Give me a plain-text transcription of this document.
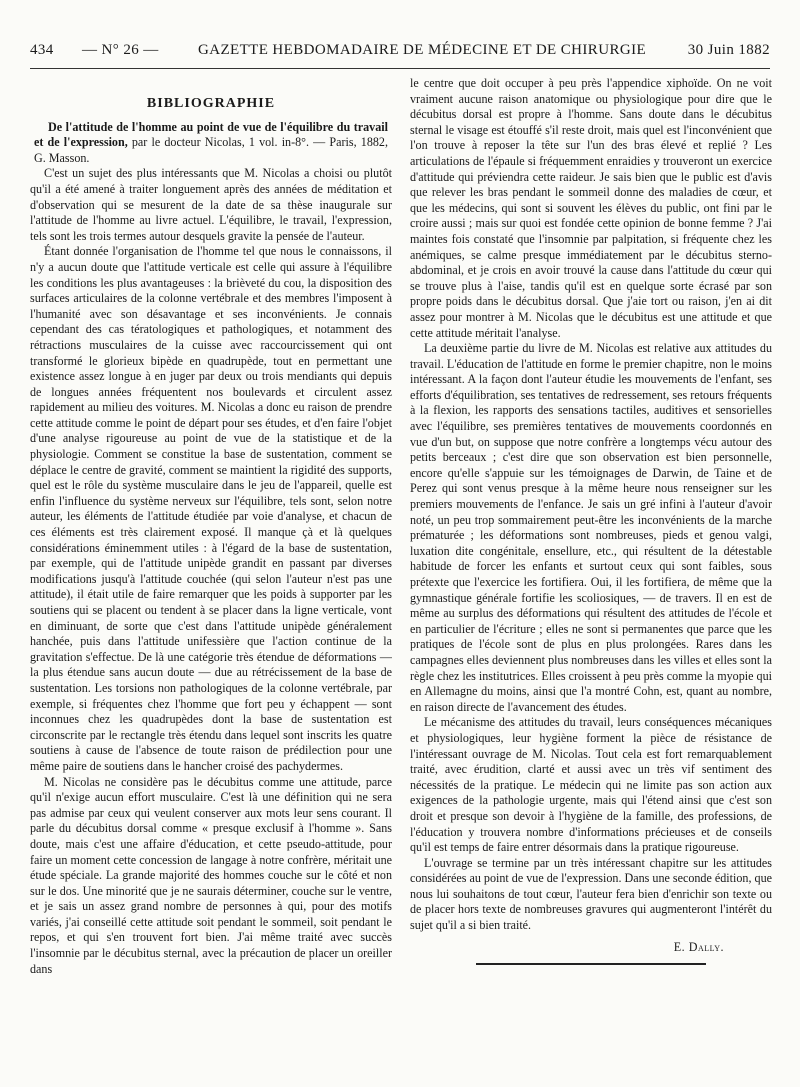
434 — N° 26 —	GAZETTE HEBDOMADAIRE DE MÉDECINE ET DE CHIRURGIE	30 Juin 1882
BIBLIOGRAPHIE

De l'attitude de l'homme au point de vue de l'équilibre du travail et de l'expression, par le docteur Nicolas, 1 vol. in-8°. — Paris, 1882, G. Masson.

C'est un sujet des plus intéressants que M. Nicolas a choisi ou plutôt qu'il a été amené à traiter longuement après des années de méditation et d'observation qui se mesurent de la date de sa thèse inaugurale sur l'attitude de l'homme au livre actuel. L'équilibre, le travail, l'expression, tels sont les trois termes autour desquels gravite la pensée de l'auteur.

Étant donnée l'organisation de l'homme tel que nous le connaissons, il n'y a aucun doute que l'attitude verticale est celle qui assure à l'équilibre les conditions les plus avantageuses : la brièveté du cou, la disposition des surfaces articulaires de la colonne vertébrale et des membres l'imposent à l'humanité avec son désavantage et ses inconvénients. Je connais cependant des cas tératologiques et pathologiques, et notamment des rétractions musculaires de la cuisse avec raccourcissement qui ont transformé le glorieux bipède en quadrupède, tout en permettant une existence assez longue à en juger par deux ou trois mendiants qui depuis de longues années fréquentent nos boulevards et circulent assez rapidement au milieu des voitures. M. Nicolas a donc eu raison de prendre cette attitude comme le point de départ pour ses études, et d'en faire l'objet d'une analyse rigoureuse au point de vue de la statistique et de la physiologie. Comment se constitue la base de sustentation, comment se déplace le centre de gravité, comment se maintient la rigidité des supports, quel est le rôle du système musculaire dans le jeu de l'appareil, quelle est enfin l'influence du système nerveux sur l'équilibre, tels sont, selon notre auteur, les éléments de l'attitude étudiée par voie d'analyse, et chacun de ces éléments est très clairement exposé. Il manque çà et là quelques considérations éminemment utiles : à l'égard de la base de sustentation, par exemple, qui de l'attitude unipède grandit en passant par diverses modifications jusqu'à l'attitude couchée (qui selon l'auteur n'est pas une attitude), il était utile de faire remarquer que les poids à supporter par les soutiens qui se placent ou tendent à se placer dans la ligne verticale, vont en diminuant, de sorte que c'est dans l'attitude unipède généralement hanchée, puis dans l'attitude unifessière que l'action continue de la gravitation s'effectue. De là une catégorie très étendue de déformations — la plus étendue sans aucun doute — due au rétrécissement de la base de sustentation. Les torsions non pathologiques de la colonne vertébrale, par exemple, si fréquentes chez l'homme que fort peu y échappent — sont inconnues chez les quadrupèdes dont la base de sustentation est circonscrite par le rectangle très étendu dans lequel sont inscrits les quatre soutiens à cause de l'absence de toute raison de prédilection pour une même paire de soutiens dans le hancher croisé des pachydermes.

M. Nicolas ne considère pas le décubitus comme une attitude, parce qu'il n'exige aucun effort musculaire. C'est là une définition qui ne sera pas admise par ceux qui veulent conserver aux mots leur sens courant. Il parle du décubitus dorsal comme « presque exclusif à l'homme ». Sans doute, mais c'est une affaire d'éducation, et cette pseudo-attitude, pour faire un moment cette concession de langage à notre confrère, méritait une étude spéciale. La grande majorité des hommes couche sur le côté et non sur le dos. Une minorité que je ne saurais déterminer, couche sur le ventre, et je sais un assez grand nombre de personnes à qui, pour des motifs variés, j'ai conseillé cette attitude soit pendant le sommeil, soit pendant le repos, et qui s'en trouvent fort bien. J'ai même traité avec succès l'insomnie par le décubitus sternal, avec la précaution de placer un oreiller dans

le centre que doit occuper à peu près l'appendice xiphoïde. On ne voit vraiment aucune raison anatomique ou physiologique pour dire que le décubitus dorsal est propre à l'homme. Sans doute dans le décubitus sternal le visage est étouffé s'il reste droit, mais quel est l'inconvénient que l'on trouve à reposer la tête sur l'un des bras élevé et replié ? Les articulations de l'épaule si fréquemment enraidies y trouveront un exercice d'attitude qui préviendra cette raideur. Je sais bien que le public est d'avis que relever les bras pendant le sommeil donne des maladies de cœur, et que les médecins, qui sont si souvent les élèves du public, ont fini par le croire aussi ; mais sur quoi est fondée cette opinion de bonne femme ? J'ai maintes fois constaté que l'insomnie par palpitation, si fréquente chez les anémiques, se calme presque immédiatement par le décubitus sterno-abdominal, et je crois en avoir trouvé la cause dans l'attitude du cœur qui se trouve plus à l'aise, tandis qu'il est en quelque sorte écrasé par son propre poids dans le décubitus dorsal. Que j'aie tort ou raison, j'en ai dit assez pour montrer à M. Nicolas que le décubitus est une attitude et que cette attitude méritait l'analyse.

La deuxième partie du livre de M. Nicolas est relative aux attitudes du travail. L'éducation de l'attitude en forme le premier chapitre, non le moins intéressant. A la façon dont l'auteur étudie les mouvements de l'enfant, ses efforts d'équilibration, ses tentatives de redressement, ses retours fréquents à la flexion, les rapports des sensations tactiles, auditives et sensorielles avec l'équilibre, ses premières tentatives de mouvements coordonnés en vue d'un but, on suppose que notre confrère a longtemps vécu autour des petits berceaux ; c'est dire que son observation est bien personnelle, encore qu'elle s'appuie sur les témoignages de Darwin, de Taine et de Perez qui sont venus presque à la même heure nous renseigner sur les premiers mouvements de l'enfance. Je sais un gré infini à l'auteur d'avoir noté, un peu trop sommairement peut-être les inconvénients de la marche prématurée ; les déformations sont nombreuses, pieds et genou valgi, luxation dite congénitale, ensellure, etc., qui résultent de la détestable habitude de forcer les enfants et surtout ceux qui sont faibles, sous prétexte que l'exercice les fortifiera. Oui, il les fortifiera, de même que la gymnastique générale fortifie les scoliosiques, — de travers. Il en est de même au surplus des déformations qui résultent des attitudes de l'école et en particulier de l'écriture ; elles ne sont si permanentes que parce que les pratiques de l'école sont de plus en plus prolongées. Rares dans les campagnes elles deviennent plus nombreuses dans les villes et elles sont la règle chez les institutrices. Elles croissent à peu près comme la myopie qui en Allemagne du moins, ainsi que l'a montré Cohn, est, quant au nombre, en raison directe de l'avancement des études.

Le mécanisme des attitudes du travail, leurs conséquences mécaniques et physiologiques, leur hygiène forment la pièce de résistance de l'intéressant ouvrage de M. Nicolas. Tout cela est fort remarquablement traité, avec érudition, clarté et aussi avec un très vif sentiment des nécessités de la pratique. Le médecin qui ne limite pas son action aux exigences de la pathologie urgente, mais qui l'étend ainsi que c'est son droit et presque son devoir à l'hygiène de la famille, des professions, de l'éducation y trouvera nombre d'informations précieuses et de conseils qu'il est temps de faire entrer désormais dans la pratique rigoureuse.

L'ouvrage se termine par un très intéressant chapitre sur les attitudes considérées au point de vue de l'expression. Dans une seconde édition, que nous lui souhaitons de tout cœur, l'auteur fera bien d'enrichir son texte ou de placer hors texte de nombreuses gravures qui augmenteront l'intérêt du sujet qu'il a si bien traité.

E. Dally.
